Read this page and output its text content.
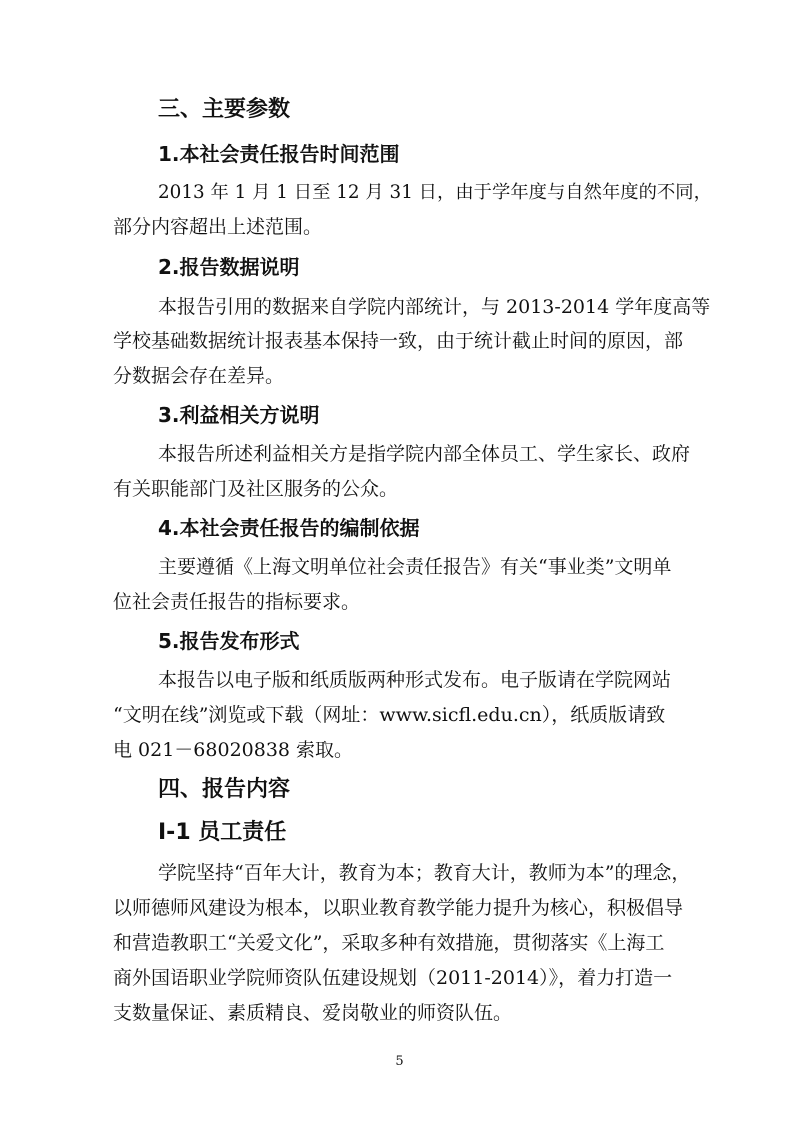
三、主要参数
1.本社会责任报告时间范围
2013 年 1 月 1 日至 12 月 31 日，由于学年度与自然年度的不同，
部分内容超出上述范围。
2.报告数据说明
本报告引用的数据来自学院内部统计，与 2013-2014 学年度高等
学校基础数据统计报表基本保持一致，由于统计截止时间的原因，部
分数据会存在差异。
3.利益相关方说明
本报告所述利益相关方是指学院内部全体员工、学生家长、政府
有关职能部门及社区服务的公众。
4.本社会责任报告的编制依据
主要遵循《上海文明单位社会责任报告》有关“事业类”文明单
位社会责任报告的指标要求。
5.报告发布形式
本报告以电子版和纸质版两种形式发布。电子版请在学院网站
“文明在线”浏览或下载（网址：www.sicfl.edu.cn），纸质版请致
电 021－68020838 索取。
四、报告内容
I-1 员工责任
学院坚持“百年大计，教育为本；教育大计，教师为本”的理念，
以师德师风建设为根本，以职业教育教学能力提升为核心，积极倡导
和营造教职工“关爱文化”，采取多种有效措施，贯彻落实《上海工
商外国语职业学院师资队伍建设规划（2011-2014）》，着力打造一
支数量保证、素质精良、爱岗敬业的师资队伍。
5
